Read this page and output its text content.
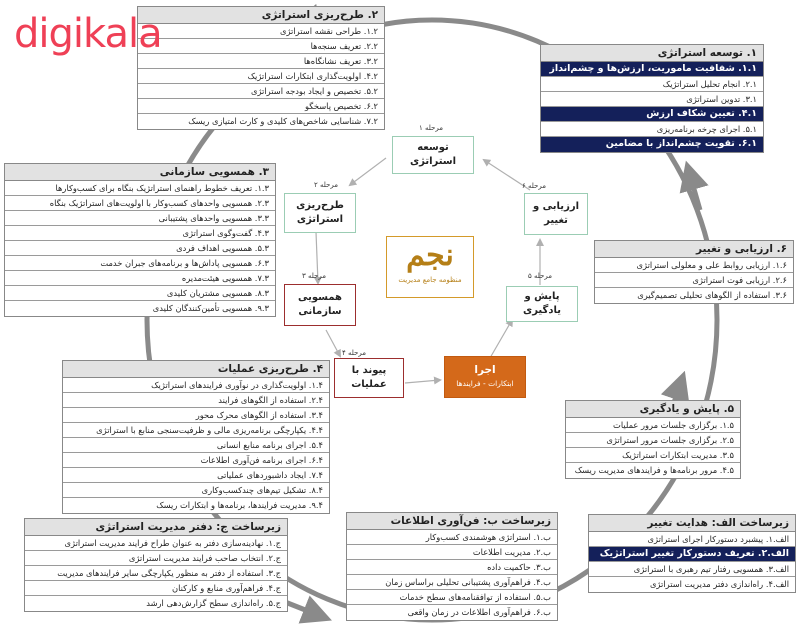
digikala	۲. طرح‌ریزی استراتژی
۱.۲. طراحی نقشه استراتژی
۲.۲. تعریف سنجه‌ها
۳.۲. تعریف نشانگاه‌ها
۴.۲. اولویت‌گذاری ابتکارات استراتژیک
۵.۲. تخصیص و ایجاد بودجه استراتژی
۶.۲. تخصیص پاسخگو
۷.۲. شناسایی شاخص‌های کلیدی و کارت امتیازی ریسک
۱. توسعه استراتژی
۱.۱. شفافیت ماموریت، ارزش‌ها و چشم‌انداز
۲.۱. انجام تحلیل استراتژیک
۳.۱. تدوین استراتژی
۴.۱. تعیین شکاف ارزش
۵.۱. اجرای چرخه برنامه‌ریزی
۶.۱. تقویت چشم‌انداز با مضامین
۳. همسویی سازمانی
۱.۳. تعریف خطوط راهنمای استراتژیک بنگاه برای کسب‌وکارها
۲.۳. همسویی واحدهای کسب‌وکار با اولویت‌های استراتژیک بنگاه
۳.۳. همسویی واحدهای پشتیبانی
۴.۳. گفت‌وگوی استراتژی
۵.۳. همسویی اهداف فردی
۶.۳. همسویی پاداش‌ها و برنامه‌های جبران خدمت
۷.۳. همسویی هیئت‌مدیره
۸.۳. همسویی مشتریان کلیدی
۹.۳. همسویی تأمین‌کنندگان کلیدی
۶. ارزیابی و تغییر
۱.۶. ارزیابی روابط علی و معلولی استراتژی
۲.۶. ارزیابی فوت استراتژی
۳.۶. استفاده از الگوهای تحلیلی تصمیم‌گیری
۴. طرح‌ریزی عملیات
۱.۴. اولویت‌گذاری در نوآوری فرایندهای استراتژیک
۲.۴. استفاده از الگوهای فرایند
۳.۴. استفاده از الگوهای محرک محور
۴.۴. یکپارچگی برنامه‌ریزی مالی و ظرفیت‌سنجی منابع با استراتژی
۵.۴. اجرای برنامه منابع انسانی
۶.۴. اجرای برنامه فن‌آوری اطلاعات
۷.۴. ایجاد داشبوردهای عملیاتی
۸.۴. تشکیل تیم‌های چندکسب‌وکاری
۹.۴. مدیریت فرایندها، برنامه‌ها و ابتکارات ریسک
۵. پایش و یادگیری
۱.۵. برگزاری جلسات مرور عملیات
۲.۵. برگزاری جلسات مرور استراتژی
۳.۵. مدیریت ابتکارات استراتژیک
۴.۵. مرور برنامه‌ها و فرایندهای مدیریت ریسک
زیرساخت ج: دفتر مدیریت استراتژی
ج.۱. نهادینه‌سازی دفتر به عنوان طراح فرایند مدیریت استراتژی
ج.۲. انتخاب صاحب فرایند مدیریت استراتژی
ج.۳. استفاده از دفتر به منظور یکپارچگی سایر فرایندهای مدیریت
ج.۴. فراهم‌آوری منابع و کارکنان
ج.۵. راه‌اندازی سطح گزارش‌دهی ارشد
زیرساخت ب: فن‌آوری اطلاعات
ب.۱. استراتژی هوشمندی کسب‌وکار
ب.۲. مدیریت اطلاعات
ب.۳. حاکمیت داده
ب.۴. فراهم‌آوری پشتیبانی تحلیلی براساس زمان
ب.۵. استفاده از توافقنامه‌های سطح خدمات
ب.۶. فراهم‌آوری اطلاعات در زمان واقعی
زیرساخت الف: هدایت تغییر
الف.۱. پیشبرد دستورکار اجرای استراتژی
الف.۲. تعریف دستورکار تغییر استراتژیک
الف.۳. همسویی رفتار تیم رهبری با استراتژی
الف.۴. راه‌اندازی دفتر مدیریت استراتژی
مرحله ۱
توسعه
استراتژی
مرحله ۲
طرح‌ریزی
استراتژی
مرحله ۳
همسویی
سازمانی
مرحله ۴
پیوند با
عملیات
اجرا
ابتکارات - فرایندها
مرحله ۵
پایش و
یادگیری
مرحله ۶
ارزیابی و
تغییر
نجم
منظومه جامع مدیریت
